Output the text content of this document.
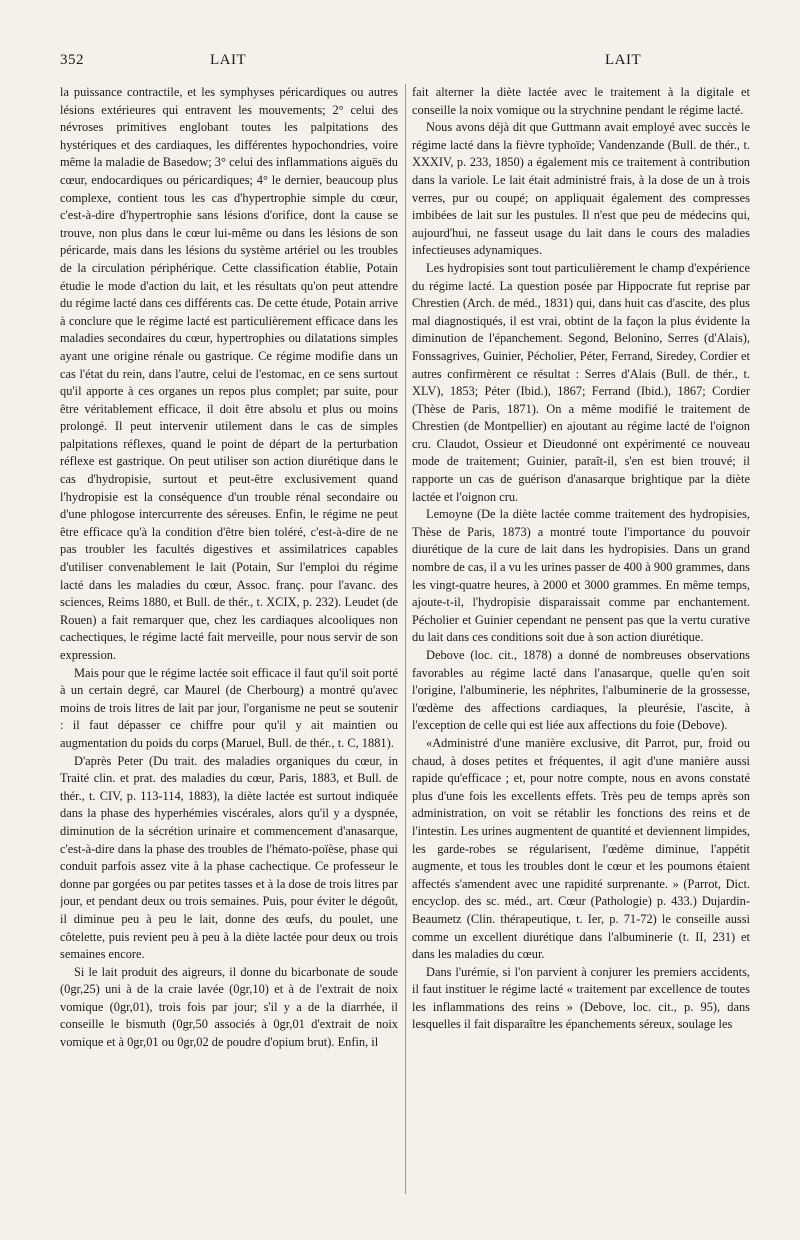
352	LAIT	LAIT

la puissance contractile, et les symphyses péricardiques ou autres lésions extérieures qui entravent les mouvements; 2° celui des névroses primitives englobant toutes les palpitations des hystériques et des cardiaques, les différentes hypochondries, voire même la maladie de Basedow; 3° celui des inflammations aiguës du cœur, endocardiques ou péricardiques; 4° le dernier, beaucoup plus complexe, contient tous les cas d'hypertrophie simple du cœur, c'est-à-dire d'hypertrophie sans lésions d'orifice, dont la cause se trouve, non plus dans le cœur lui-même ou dans les lésions de son péricarde, mais dans les lésions du système artériel ou les troubles de la circulation périphérique. Cette classification établie, Potain étudie le mode d'action du lait, et les résultats qu'on peut attendre du régime lacté dans ces différents cas. De cette étude, Potain arrive à conclure que le régime lacté est particulièrement efficace dans les maladies secondaires du cœur, hypertrophies ou dilatations simples ayant une origine rénale ou gastrique. Ce régime modifie dans un cas l'état du rein, dans l'autre, celui de l'estomac, en ce sens surtout qu'il apporte à ces organes un repos plus complet; par suite, pour être véritablement efficace, il doit être absolu et plus ou moins prolongé. Il peut intervenir utilement dans le cas de simples palpitations réflexes, quand le point de départ de la perturbation réflexe est gastrique. On peut utiliser son action diurétique dans le cas d'hydropisie, surtout et peut-être exclusivement quand l'hydropisie est la conséquence d'un trouble rénal secondaire ou d'une phlogose intercurrente des séreuses. Enfin, le régime ne peut être efficace qu'à la condition d'être bien toléré, c'est-à-dire de ne pas troubler les facultés digestives et assimilatrices capables d'utiliser convenablement le lait (Potain, Sur l'emploi du régime lacté dans les maladies du cœur, Assoc. franç. pour l'avanc. des sciences, Reims 1880, et Bull. de thér., t. XCIX, p. 232). Leudet (de Rouen) a fait remarquer que, chez les cardiaques alcooliques non cachectiques, le régime lacté fait merveille, pour nous servir de son expression.

Mais pour que le régime lactée soit efficace il faut qu'il soit porté à un certain degré, car Maurel (de Cherbourg) a montré qu'avec moins de trois litres de lait par jour, l'organisme ne peut se soutenir : il faut dépasser ce chiffre pour qu'il y ait maintien ou augmentation du poids du corps (Maruel, Bull. de thér., t. C, 1881).

D'après Peter (Du trait. des maladies organiques du cœur, in Traité clin. et prat. des maladies du cœur, Paris, 1883, et Bull. de thér., t. CIV, p. 113-114, 1883), la diète lactée est surtout indiquée dans la phase des hyperhémies viscérales, alors qu'il y a dyspnée, diminution de la sécrétion urinaire et commencement d'anasarque, c'est-à-dire dans la phase des troubles de l'hémato-poïèse, phase qui conduit parfois assez vite à la phase cachectique. Ce professeur le donne par gorgées ou par petites tasses et à la dose de trois litres par jour, et pendant deux ou trois semaines. Puis, pour éviter le dégoût, il diminue peu à peu le lait, donne des œufs, du poulet, une côtelette, puis revient peu à peu à la diète lactée pour deux ou trois semaines encore.

Si le lait produit des aigreurs, il donne du bicarbonate de soude (0gr,25) uni à de la craie lavée (0gr,10) et à de l'extrait de noix vomique (0gr,01), trois fois par jour; s'il y a de la diarrhée, il conseille le bismuth (0gr,50 associés à 0gr,01 d'extrait de noix vomique et à 0gr,01 ou 0gr,02 de poudre d'opium brut). Enfin, il

fait alterner la diète lactée avec le traitement à la digitale et conseille la noix vomique ou la strychnine pendant le régime lacté.

Nous avons déjà dit que Guttmann avait employé avec succès le régime lacté dans la fièvre typhoïde; Vandenzande (Bull. de thér., t. XXXIV, p. 233, 1850) a également mis ce traitement à contribution dans la variole. Le lait était administré frais, à la dose de un à trois verres, pur ou coupé; on appliquait également des compresses imbibées de lait sur les pustules. Il n'est que peu de médecins qui, aujourd'hui, ne fasseut usage du lait dans le cours des maladies infectieuses adynamiques.

Les hydropisies sont tout particulièrement le champ d'expérience du régime lacté. La question posée par Hippocrate fut reprise par Chrestien (Arch. de méd., 1831) qui, dans huit cas d'ascite, des plus mal diagnostiqués, il est vrai, obtint de la façon la plus évidente la diminution de l'épanchement. Segond, Belonino, Serres (d'Alais), Fonssagrives, Guinier, Pécholier, Péter, Ferrand, Siredey, Cordier et autres confirmèrent ce résultat : Serres d'Alais (Bull. de thér., t. XLV), 1853; Péter (Ibid.), 1867; Ferrand (Ibid.), 1867; Cordier (Thèse de Paris, 1871). On a même modifié le traitement de Chrestien (de Montpellier) en ajoutant au régime lacté de l'oignon cru. Claudot, Ossieur et Dieudonné ont expérimenté ce nouveau mode de traitement; Guinier, paraît-il, s'en est bien trouvé; il rapporte un cas de guérison d'anasarque brightique par la diète lactée et l'oignon cru.

Lemoyne (De la diète lactée comme traitement des hydropisies, Thèse de Paris, 1873) a montré toute l'importance du pouvoir diurétique de la cure de lait dans les hydropisies. Dans un grand nombre de cas, il a vu les urines passer de 400 à 900 grammes, dans les vingt-quatre heures, à 2000 et 3000 grammes. En même temps, ajoute-t-il, l'hydropisie disparaissait comme par enchantement. Pécholier et Guinier cependant ne pensent pas que la vertu curative du lait dans ces conditions soit due à son action diurétique.

Debove (loc. cit., 1878) a donné de nombreuses observations favorables au régime lacté dans l'anasarque, quelle qu'en soit l'origine, l'albuminerie, les néphrites, l'albuminerie de la grossesse, l'œdème des affections cardiaques, la pleurésie, l'ascite, à l'exception de celle qui est liée aux affections du foie (Debove).

«Administré d'une manière exclusive, dit Parrot, pur, froid ou chaud, à doses petites et fréquentes, il agit d'une manière aussi rapide qu'efficace ; et, pour notre compte, nous en avons constaté plus d'une fois les excellents effets. Très peu de temps après son administration, on voit se rétablir les fonctions des reins et de l'intestin. Les urines augmentent de quantité et deviennent limpides, les garde-robes se régularisent, l'œdème diminue, l'appétit augmente, et tous les troubles dont le cœur et les poumons étaient affectés s'amendent avec une rapidité surprenante. » (Parrot, Dict. encyclop. des sc. méd., art. Cœur (Pathologie) p. 433.) Dujardin-Beaumetz (Clin. thérapeutique, t. Ier, p. 71-72) le conseille aussi comme un excellent diurétique dans l'albuminerie (t. II, 231) et dans les maladies du cœur.

Dans l'urémie, si l'on parvient à conjurer les premiers accidents, il faut instituer le régime lacté « traitement par excellence de toutes les inflammations des reins » (Debove, loc. cit., p. 95), dans lesquelles il fait disparaître les épanchements séreux, soulage les
